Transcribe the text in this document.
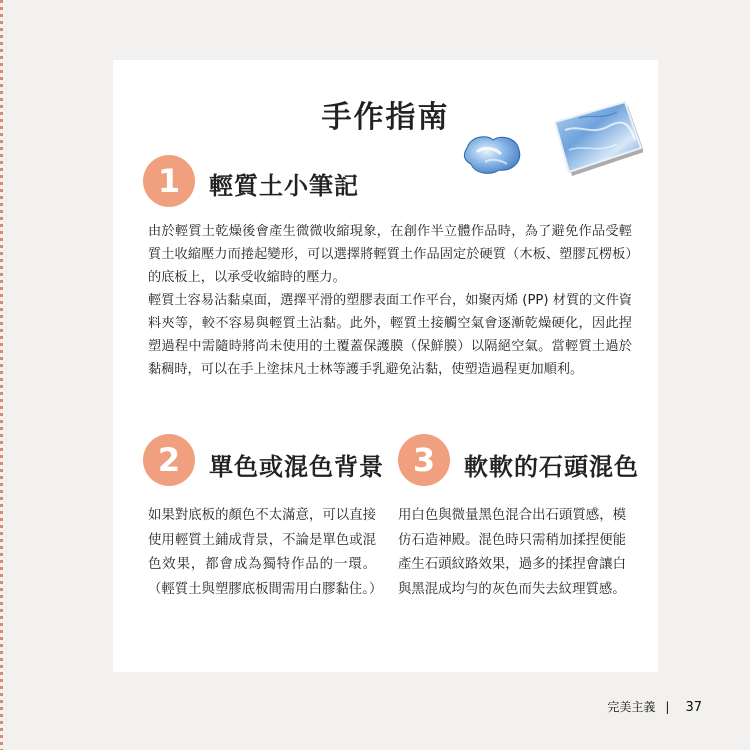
手作指南
1	輕質土小筆記

由於輕質土乾燥後會產生微微收縮現象，在創作半立體作品時，為了避免作品受輕質土收縮壓力而捲起變形，可以選擇將輕質土作品固定於硬質（木板、塑膠瓦楞板）的底板上，以承受收縮時的壓力。

輕質土容易沾黏桌面，選擇平滑的塑膠表面工作平台，如聚丙烯 (PP) 材質的文件資料夾等，較不容易與輕質土沾黏。此外，輕質土接觸空氣會逐漸乾燥硬化，因此捏塑過程中需隨時將尚未使用的土覆蓋保護膜（保鮮膜）以隔絕空氣。當輕質土過於黏稠時，可以在手上塗抹凡士林等護手乳避免沾黏，使塑造過程更加順利。

2	單色或混色背景

如果對底板的顏色不太滿意，可以直接使用輕質土鋪成背景，不論是單色或混色效果，都會成為獨特作品的一環。（輕質土與塑膠底板間需用白膠黏住。）

3	軟軟的石頭混色

用白色與微量黑色混合出石頭質感，模仿石造神殿。混色時只需稍加揉捏便能產生石頭紋路效果，過多的揉捏會讓白與黑混成均勻的灰色而失去紋理質感。

完美主義 | 37
